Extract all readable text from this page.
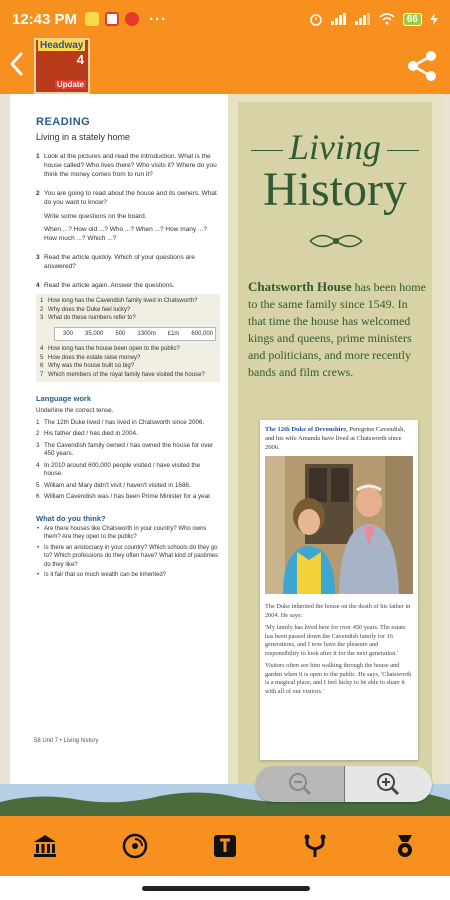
12:43 PM	···	66
Headway
4
Update
READING
Living in a stately home
1 Look at the pictures and read the introduction. What is the house called? Who lives there? Who visits it? Where do you think the money comes from to run it?
2 You are going to read about the house and its owners. What do you want to know?
Write some questions on the board.
When ...? How old ...? Who ...? When ...? How many ...? How much ...? Which ...?
3 Read the article quickly. Which of your questions are answered?
4 Read the article again. Answer the questions.
1 How long has the Cavendish family lived in Chatsworth?
2 Why does the Duke feel lucky?
3 What do these numbers refer to?
300 35,000 500 1300m £1m 600,000
4 How long has the house been open to the public?
5 How does the estate raise money?
6 Why was the house built so big?
7 Which members of the royal family have visited the house?
Language work
Underline the correct tense.
1 The 12th Duke lived / has lived in Chatsworth since 2006.
2 His father died / has died in 2004.
3 The Cavendish family owned / has owned the house for over 450 years.
4 In 2010 around 600,000 people visited / have visited the house.
5 William and Mary didn't visit / haven't visited in 1686.
6 William Cavendish was / has been Prime Minister for a year.
What do you think?
• Are there houses like Chatsworth in your country? Who owns them? Are they open to the public?
• Is there an aristocracy in your country? Which schools do they go to? Which professions do they often have? What kind of pastimes do they like?
• Is it fair that so much wealth can be inherited?
58 Unit 7 • Living history
Living
History
Chatsworth House has been home to the same family since 1549. In that time the house has welcomed kings and queens, prime ministers and politicians, and more recently bands and film crews.
The 12th Duke of Devonshire, Peregrine Cavendish, and his wife Amanda have lived at Chatsworth since 2006.
The Duke inherited the house on the death of his father in 2004. He says:
'My family has lived here for over 450 years. The estate has been passed down the Cavendish family for 16 generations, and I now have the pleasure and responsibility to look after it for the next generation.'
Visitors often see him walking through the house and garden when it is open to the public. He says, 'Chatsworth is a magical place, and I feel lucky to be able to share it with all of our visitors.'
